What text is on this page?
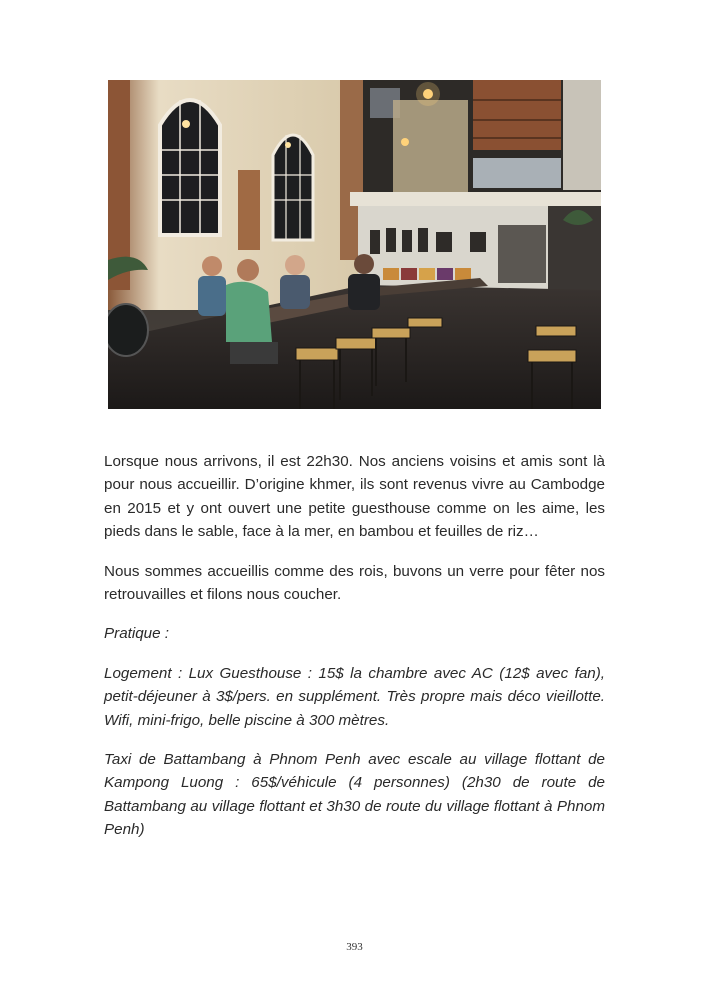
Lorsque nous arrivons, il est 22h30. Nos anciens voisins et amis sont là pour nous accueillir. D’origine khmer, ils sont revenus vivre au Cambodge en 2015 et y ont ouvert une petite guesthouse comme on les aime, les pieds dans le sable, face à la mer, en bambou et feuilles de riz…

Nous sommes accueillis comme des rois, buvons un verre pour fêter nos retrouvailles et filons nous coucher.

Pratique :

Logement : Lux Guesthouse : 15$ la chambre avec AC (12$ avec fan), petit-déjeuner à 3$/pers. en supplément. Très propre mais déco vieillotte. Wifi, mini-frigo, belle piscine à 300 mètres.

Taxi de Battambang à Phnom Penh avec escale au village flottant de Kampong Luong : 65$/véhicule (4 personnes) (2h30 de route de Battambang au village flottant et 3h30 de route du village flottant à Phnom Penh)

393
